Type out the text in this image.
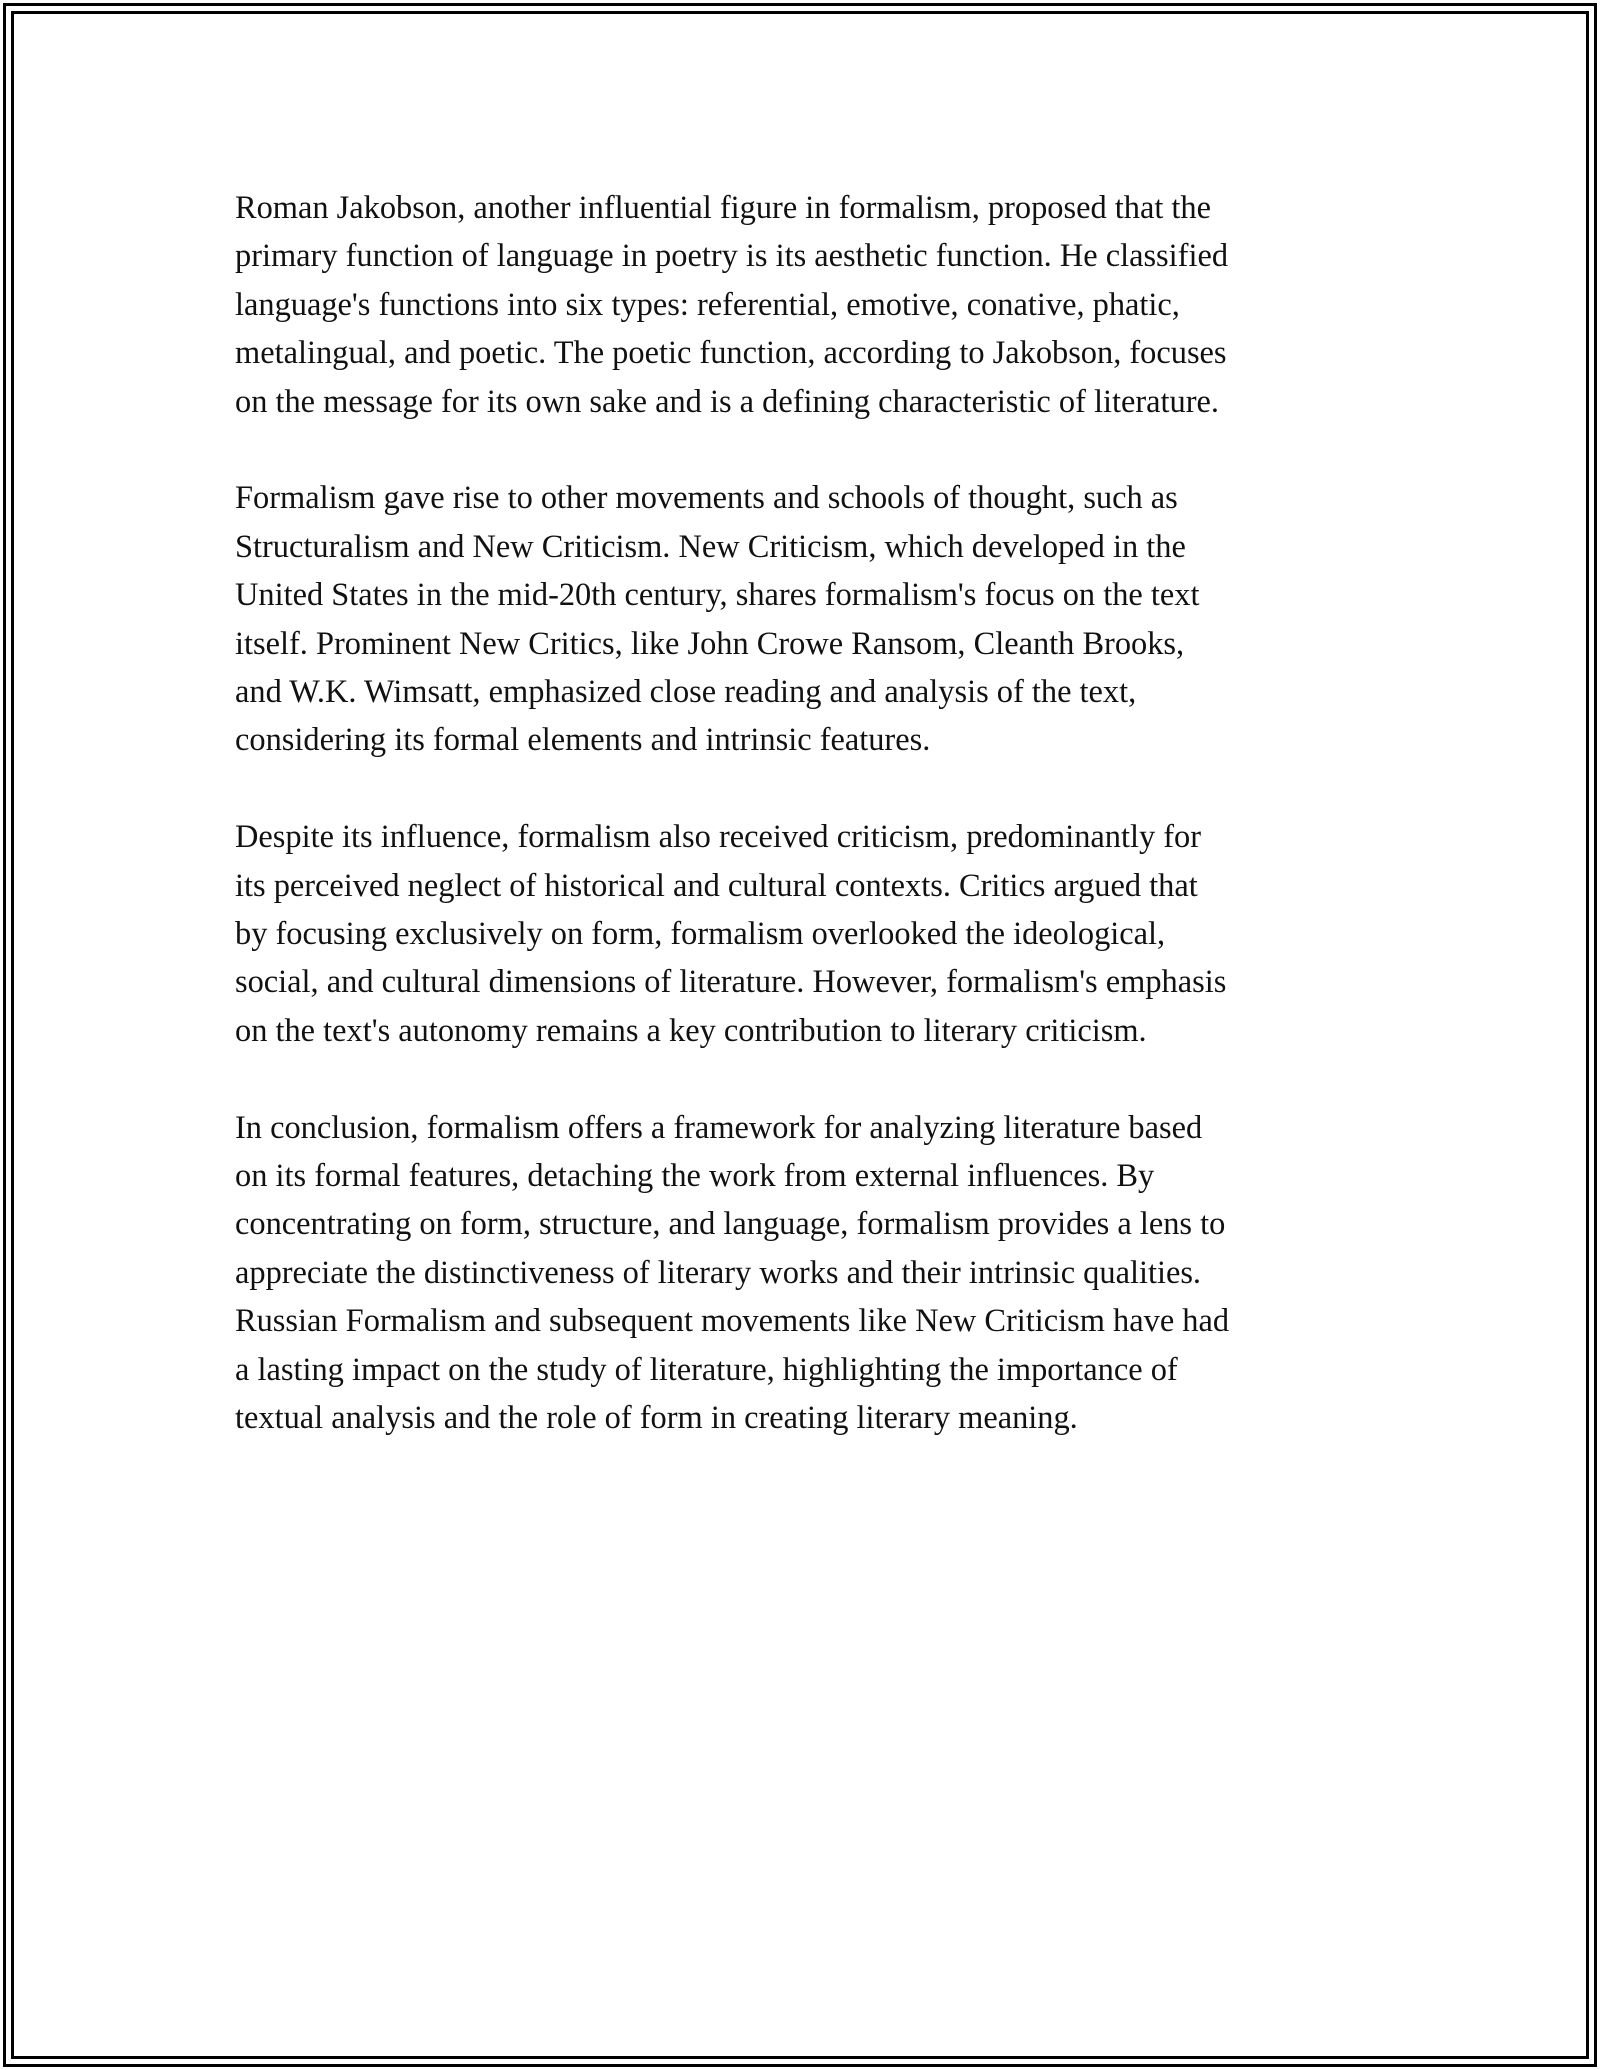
Roman Jakobson, another influential figure in formalism, proposed that the
primary function of language in poetry is its aesthetic function. He classified
language's functions into six types: referential, emotive, conative, phatic,
metalingual, and poetic. The poetic function, according to Jakobson, focuses
on the message for its own sake and is a defining characteristic of literature.

Formalism gave rise to other movements and schools of thought, such as
Structuralism and New Criticism. New Criticism, which developed in the
United States in the mid-20th century, shares formalism's focus on the text
itself. Prominent New Critics, like John Crowe Ransom, Cleanth Brooks,
and W.K. Wimsatt, emphasized close reading and analysis of the text,
considering its formal elements and intrinsic features.

Despite its influence, formalism also received criticism, predominantly for
its perceived neglect of historical and cultural contexts. Critics argued that
by focusing exclusively on form, formalism overlooked the ideological,
social, and cultural dimensions of literature. However, formalism's emphasis
on the text's autonomy remains a key contribution to literary criticism.

In conclusion, formalism offers a framework for analyzing literature based
on its formal features, detaching the work from external influences. By
concentrating on form, structure, and language, formalism provides a lens to
appreciate the distinctiveness of literary works and their intrinsic qualities.
Russian Formalism and subsequent movements like New Criticism have had
a lasting impact on the study of literature, highlighting the importance of
textual analysis and the role of form in creating literary meaning.
